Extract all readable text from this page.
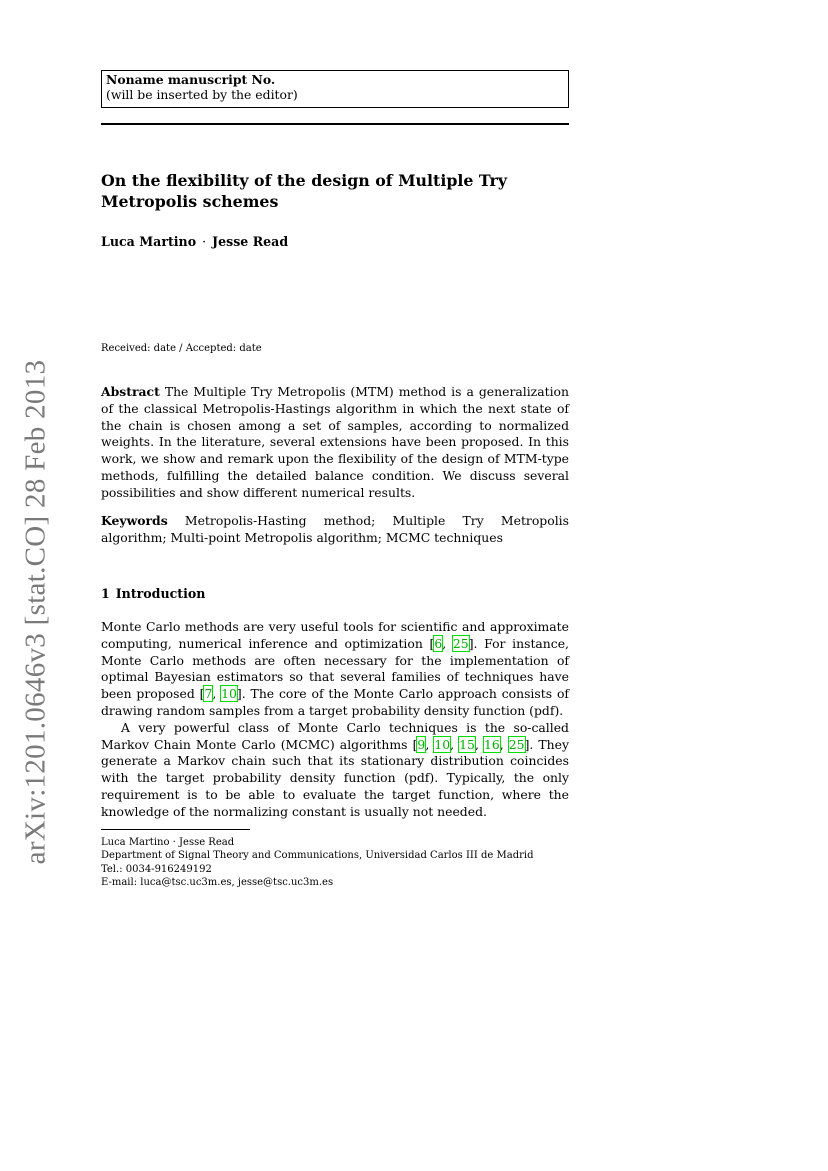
Noname manuscript No.
(will be inserted by the editor)
On the flexibility of the design of Multiple Try Metropolis schemes
Luca Martino · Jesse Read
Received: date / Accepted: date

Abstract The Multiple Try Metropolis (MTM) method is a generalization of the classical Metropolis-Hastings algorithm in which the next state of the chain is chosen among a set of samples, according to normalized weights. In the literature, several extensions have been proposed. In this work, we show and remark upon the flexibility of the design of MTM-type methods, fulfilling the detailed balance condition. We discuss several possibilities and show different numerical results.

Keywords Metropolis-Hasting method; Multiple Try Metropolis algorithm; Multi-point Metropolis algorithm; MCMC techniques

1 Introduction

Monte Carlo methods are very useful tools for scientific and approximate computing, numerical inference and optimization [6, 25]. For instance, Monte Carlo methods are often necessary for the implementation of optimal Bayesian estimators so that several families of techniques have been proposed [7, 10]. The core of the Monte Carlo approach consists of drawing random samples from a target probability density function (pdf).

A very powerful class of Monte Carlo techniques is the so-called Markov Chain Monte Carlo (MCMC) algorithms [9, 10, 15, 16, 25]. They generate a Markov chain such that its stationary distribution coincides with the target probability density function (pdf). Typically, the only requirement is to be able to evaluate the target function, where the knowledge of the normalizing constant is usually not needed.

Luca Martino · Jesse Read
Department of Signal Theory and Communications, Universidad Carlos III de Madrid
Tel.: 0034-916249192
E-mail: luca@tsc.uc3m.es, jesse@tsc.uc3m.es
arXiv:1201.0646v3 [stat.CO] 28 Feb 2013
